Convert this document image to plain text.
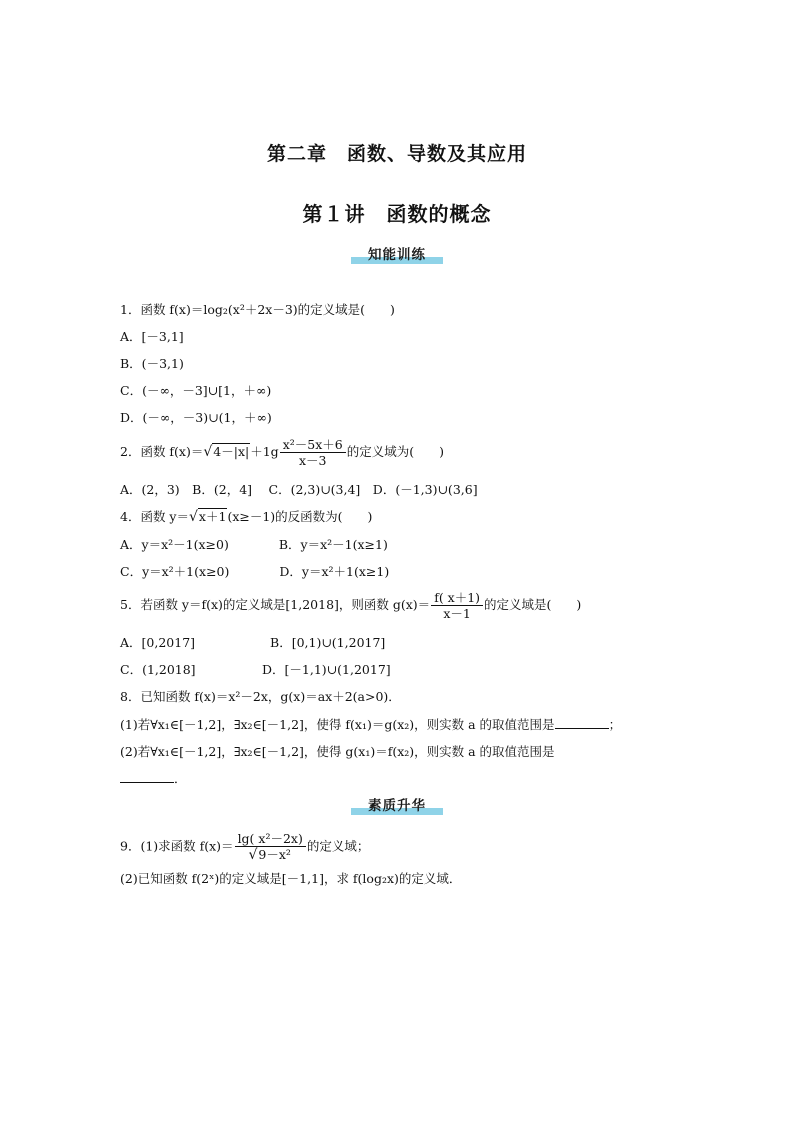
第二章　函数、导数及其应用
第１讲　函数的概念
知能训练
1．函数 f(x)＝log₂(x²＋2x－3)的定义域是(　　)
A．[－3,1]
B．(－3,1)
C．(－∞，－3]∪[1，＋∞)
D．(－∞，－3)∪(1，＋∞)
2．函数 $f(x)=√4-|x|+1g \frac{\text{x²－5x＋6}}{x-3}$ 的定义域为(　　)
A．(2，3)　B．(2，4]　 C．(2,3)∪(3,4]　D．(－1,3)∪(3,6]
4．函数 y＝√x＋1(x≥－1)的反函数为(　　)
A．y＝x²－1(x≥0)　　　　B．y＝x²－1(x≥1)
C．y＝x²＋1(x≥0)　　　　D．y＝x²＋1(x≥1)
5．若函数 y＝f(x)的定义域是[1,2018]，则函数 $g(x)= \frac{f( x+1)}{x-1}$ 的定义域是(　　)
A．[0,2017]　　　　　　B．[0,1)∪(1,2017]
C．(1,2018]　　　　　 D．[－1,1)∪(1,2017]
8．已知函数 f(x)＝x²－2x，g(x)＝ax＋2(a>0)．
(1)若∀x₁∈[－1,2]，∃x₂∈[－1,2]，使得 f(x₁)＝g(x₂)，则实数 a 的取值范围是	；
(2)若∀x₁∈[－1,2]，∃x₂∈[－1,2]，使得 g(x₁)＝f(x₂)，则实数 a 的取值范围是
．
素质升华
9．(1)求函数 $f(x)= \frac{\text{lg( x²－2x)}}{\text{√9－x²}}$ 的定义域；
(2)已知函数 f(2ˣ)的定义域是[－1,1]，求 f(log₂x)的定义域．
